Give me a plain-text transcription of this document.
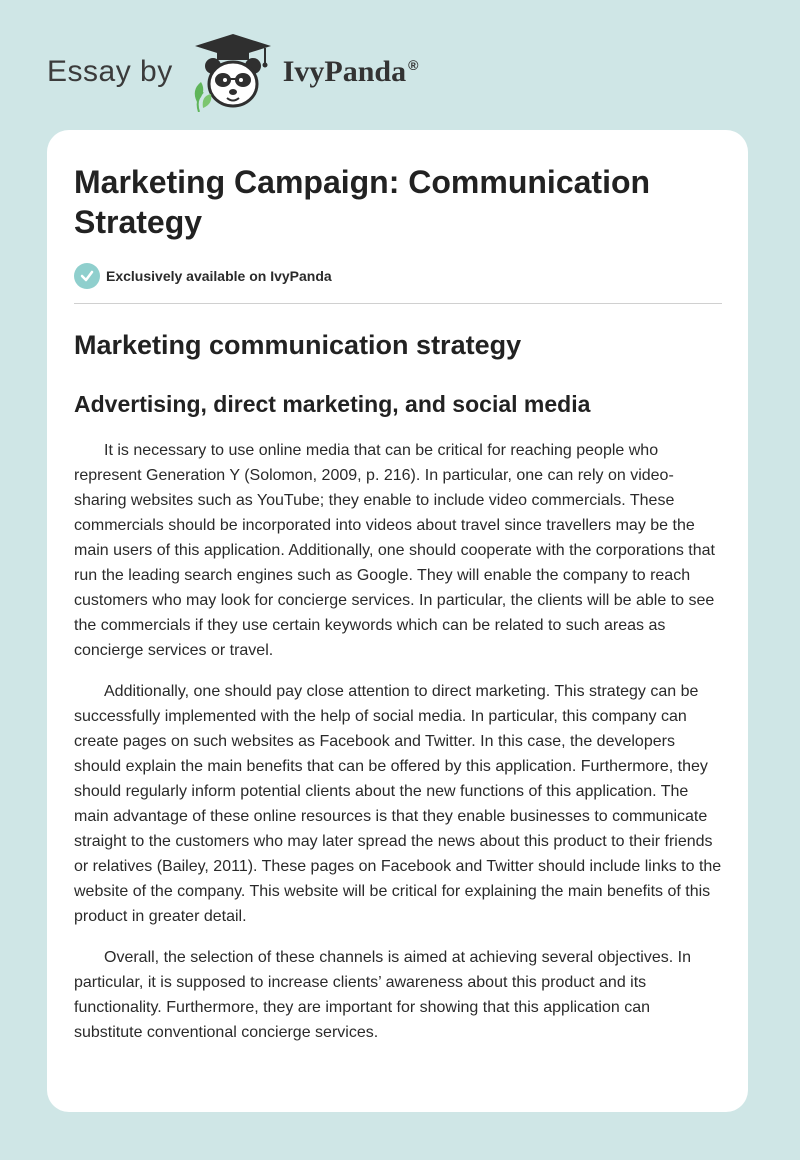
Essay by	IvyPanda ®
Marketing Campaign: Communication Strategy
Exclusively available on IvyPanda
Marketing communication strategy
Advertising, direct marketing, and social media

It is necessary to use online media that can be critical for reaching people who represent Generation Y (Solomon, 2009, p. 216). In particular, one can rely on video-sharing websites such as YouTube; they enable to include video commercials. These commercials should be incorporated into videos about travel since travellers may be the main users of this application. Additionally, one should cooperate with the corporations that run the leading search engines such as Google. They will enable the company to reach customers who may look for concierge services. In particular, the clients will be able to see the commercials if they use certain keywords which can be related to such areas as concierge services or travel.

Additionally, one should pay close attention to direct marketing. This strategy can be successfully implemented with the help of social media. In particular, this company can create pages on such websites as Facebook and Twitter. In this case, the developers should explain the main benefits that can be offered by this application. Furthermore, they should regularly inform potential clients about the new functions of this application. The main advantage of these online resources is that they enable businesses to communicate straight to the customers who may later spread the news about this product to their friends or relatives (Bailey, 2011). These pages on Facebook and Twitter should include links to the website of the company. This website will be critical for explaining the main benefits of this product in greater detail.

Overall, the selection of these channels is aimed at achieving several objectives. In particular, it is supposed to increase clients’ awareness about this product and its functionality. Furthermore, they are important for showing that this application can substitute conventional concierge services.
